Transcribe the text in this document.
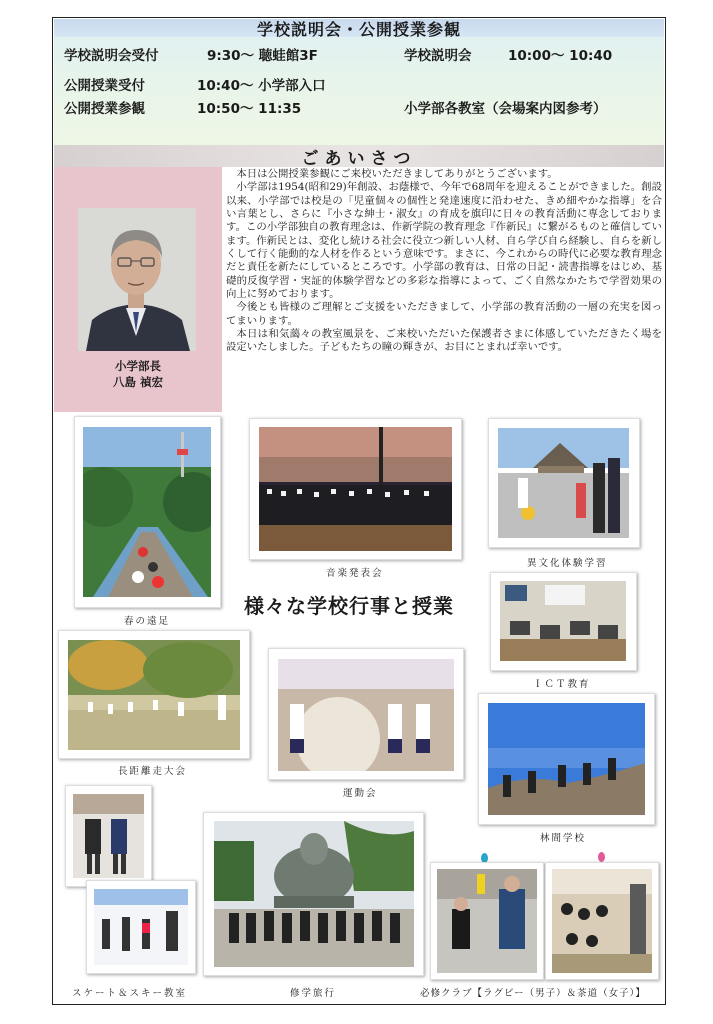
学校説明会・公開授業参観
学校説明会受付	9:30〜 聴蛙館3F	学校説明会	10:00〜 10:40
公開授業受付	10:40〜 小学部入口
公開授業参観	10:50〜 11:35	小学部各教室（会場案内図参考）
ごあいさつ
小学部長
八島 禎宏

本日は公開授業参観にご来校いただきましてありがとうございます。

小学部は1954(昭和29)年創設、お蔭様で、今年で68周年を迎えることができました。創設以来、小学部では校是の「児童個々の個性と発達速度に沿わせた、きめ細やかな指導」を合い言葉とし、さらに『小さな紳士・淑女』の育成を旗印に日々の教育活動に専念しております。この小学部独自の教育理念は、作新学院の教育理念『作新民』に繋がるものと確信しています。作新民とは、変化し続ける社会に役立つ新しい人材、自ら学び自ら経験し、自らを新しくして行く能動的な人材を作るという意味です。まさに、今これからの時代に必要な教育理念だと責任を新たにしているところです。小学部の教育は、日常の日記・読書指導をはじめ、基礎的反復学習・実証的体験学習などの多彩な指導によって、ごく自然なかたちで学習効果の向上に努めております。

今後とも皆様のご理解とご支援をいただきまして、小学部の教育活動の一層の充実を図ってまいります。

本日は和気藹々の教室風景を、ご来校いただいた保護者さまに体感していただきたく場を設定いたしました。子どもたちの瞳の輝きが、お目にとまれば幸いです。

春の遠足
音楽発表会
異文化体験学習
様々な学校行事と授業
ＩＣＴ教育
長距離走大会
運動会
林間学校
スケート＆スキー教室	修学旅行	必修クラブ【ラグビー（男子）＆茶道（女子）】
